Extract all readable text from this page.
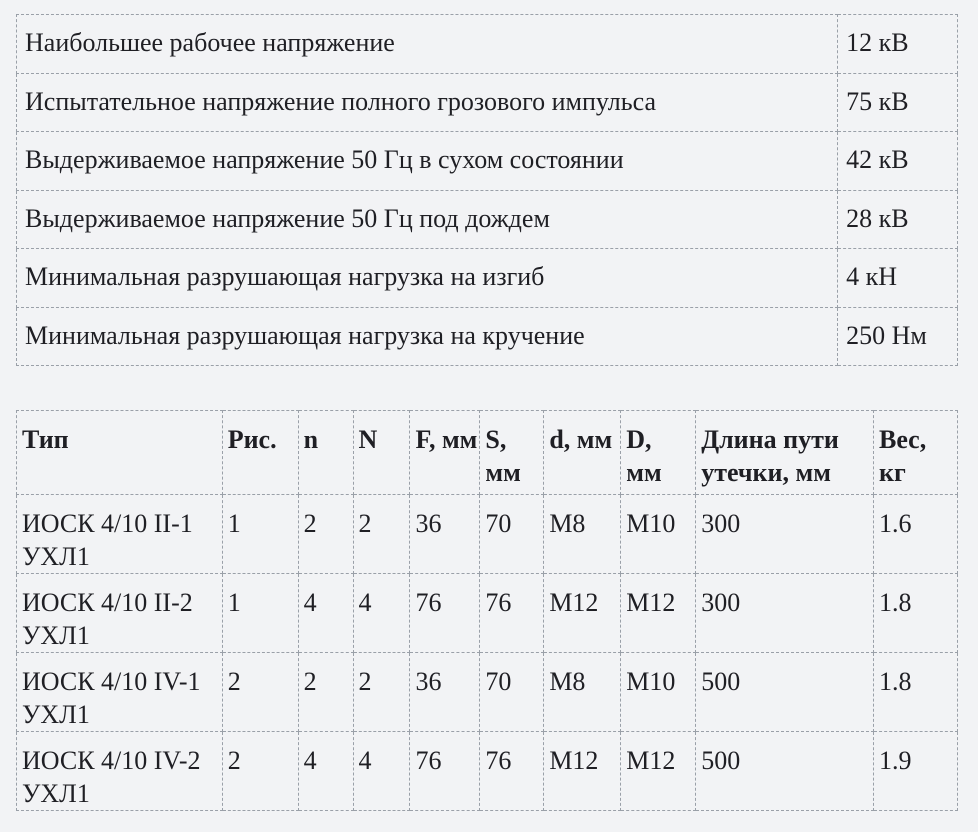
Наибольшее рабочее напряжение	12 кВ
Испытательное напряжение полного грозового импульса	75 кВ
Выдерживаемое напряжение 50 Гц в сухом состоянии	42 кВ
Выдерживаемое напряжение 50 Гц под дождем	28 кВ
Минимальная разрушающая нагрузка на изгиб	4 кН
Минимальная разрушающая нагрузка на кручение	250 Нм
Тип	Рис.	n	N	F, мм	S, мм	d, мм	D, мм	Длина пути утечки, мм	Вес, кг
ИОСК 4/10 II-1 УХЛ1	1	2	2	36	70	M8	M10	300	1.6
ИОСК 4/10 II-2 УХЛ1	1	4	4	76	76	M12	M12	300	1.8
ИОСК 4/10 IV-1 УХЛ1	2	2	2	36	70	M8	M10	500	1.8
ИОСК 4/10 IV-2 УХЛ1	2	4	4	76	76	M12	M12	500	1.9
